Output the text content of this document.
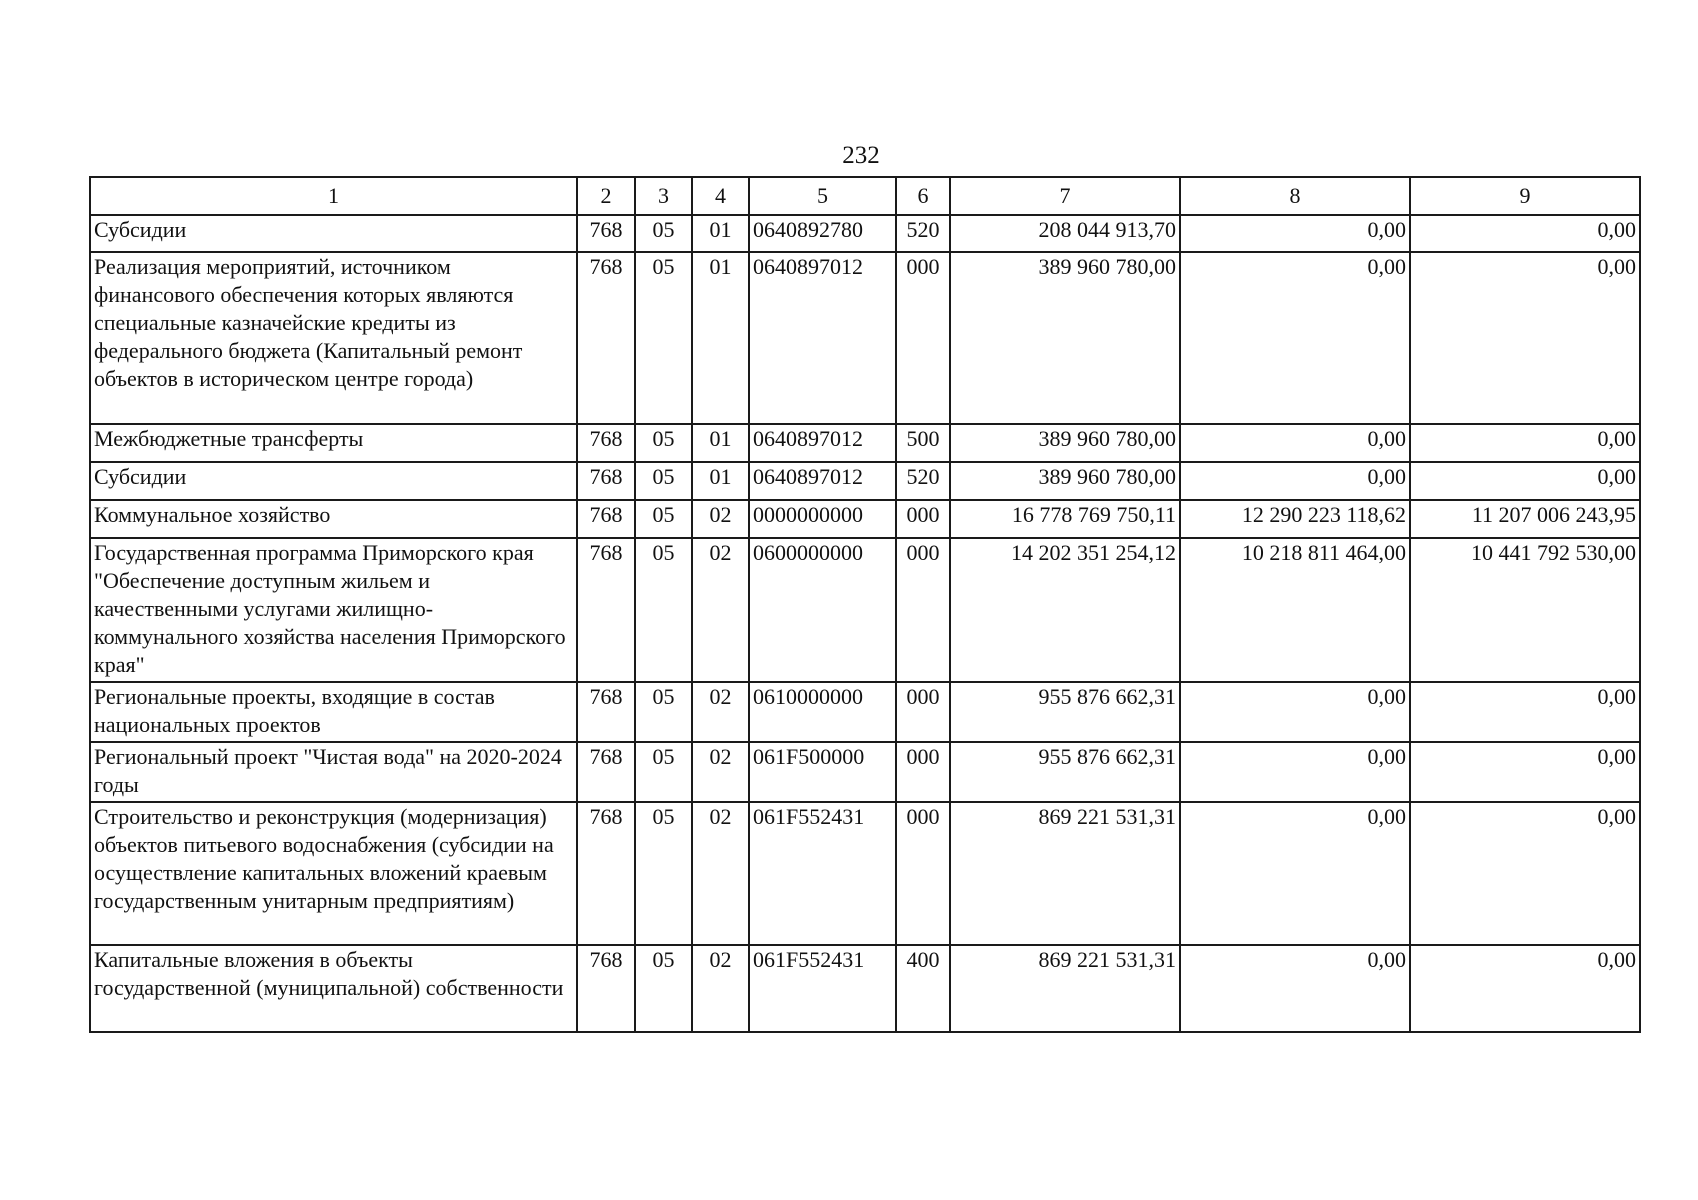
232
1	2	3	4	5	6	7	8	9
Субсидии	768	05	01	0640892780	520	208 044 913,70	0,00	0,00
Реализация мероприятий, источником финансового обеспечения которых являются специальные казначейские кредиты из федерального бюджета (Капитальный ремонт объектов в историческом центре города)	768	05	01	0640897012	000	389 960 780,00	0,00	0,00
Межбюджетные трансферты	768	05	01	0640897012	500	389 960 780,00	0,00	0,00
Субсидии	768	05	01	0640897012	520	389 960 780,00	0,00	0,00
Коммунальное хозяйство	768	05	02	0000000000	000	16 778 769 750,11	12 290 223 118,62	11 207 006 243,95
Государственная программа Приморского края "Обеспечение доступным жильем и качественными услугами жилищно-коммунального хозяйства населения Приморского края"	768	05	02	0600000000	000	14 202 351 254,12	10 218 811 464,00	10 441 792 530,00
Региональные проекты, входящие в состав национальных проектов	768	05	02	0610000000	000	955 876 662,31	0,00	0,00
Региональный проект "Чистая вода" на 2020-2024 годы	768	05	02	061F500000	000	955 876 662,31	0,00	0,00
Строительство и реконструкция (модернизация) объектов питьевого водоснабжения (субсидии на осуществление капитальных вложений краевым государственным унитарным предприятиям)	768	05	02	061F552431	000	869 221 531,31	0,00	0,00
Капитальные вложения в объекты государственной (муниципальной) собственности	768	05	02	061F552431	400	869 221 531,31	0,00	0,00
